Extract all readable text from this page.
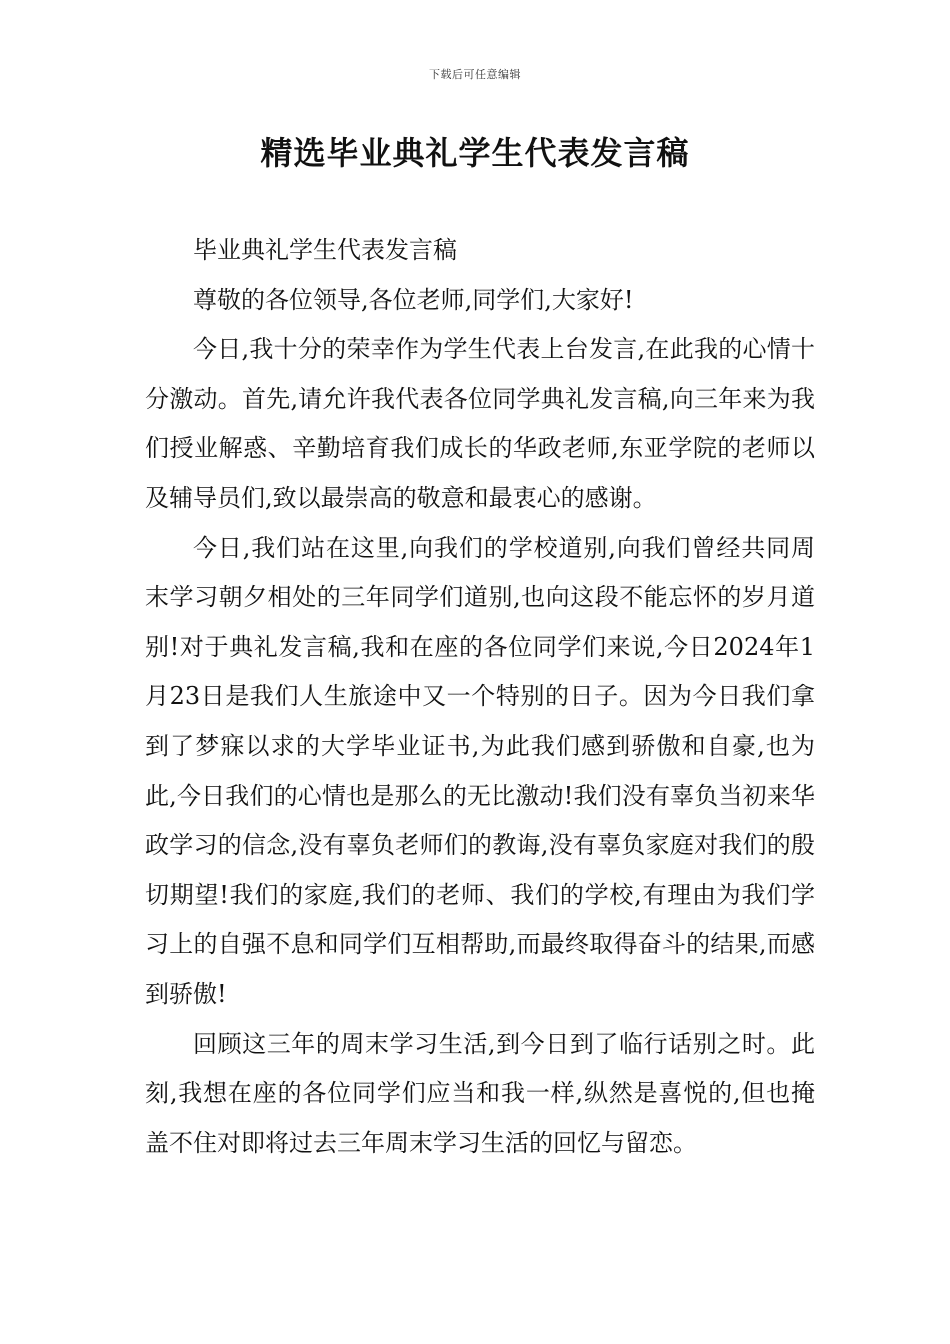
下载后可任意编辑
精选毕业典礼学生代表发言稿

毕业典礼学生代表发言稿

尊敬的各位领导,各位老师,同学们,大家好!

今日,我十分的荣幸作为学生代表上台发言,在此我的心情十分激动。首先,请允许我代表各位同学典礼发言稿,向三年来为我们授业解惑、辛勤培育我们成长的华政老师,东亚学院的老师以及辅导员们,致以最崇高的敬意和最衷心的感谢。

今日,我们站在这里,向我们的学校道别,向我们曾经共同周末学习朝夕相处的三年同学们道别,也向这段不能忘怀的岁月道别!对于典礼发言稿,我和在座的各位同学们来说,今日2024年1月23日是我们人生旅途中又一个特别的日子。因为今日我们拿到了梦寐以求的大学毕业证书,为此我们感到骄傲和自豪,也为此,今日我们的心情也是那么的无比激动!我们没有辜负当初来华政学习的信念,没有辜负老师们的教诲,没有辜负家庭对我们的殷切期望!我们的家庭,我们的老师、我们的学校,有理由为我们学习上的自强不息和同学们互相帮助,而最终取得奋斗的结果,而感到骄傲!

回顾这三年的周末学习生活,到今日到了临行话别之时。此刻,我想在座的各位同学们应当和我一样,纵然是喜悦的,但也掩盖不住对即将过去三年周末学习生活的回忆与留恋。
